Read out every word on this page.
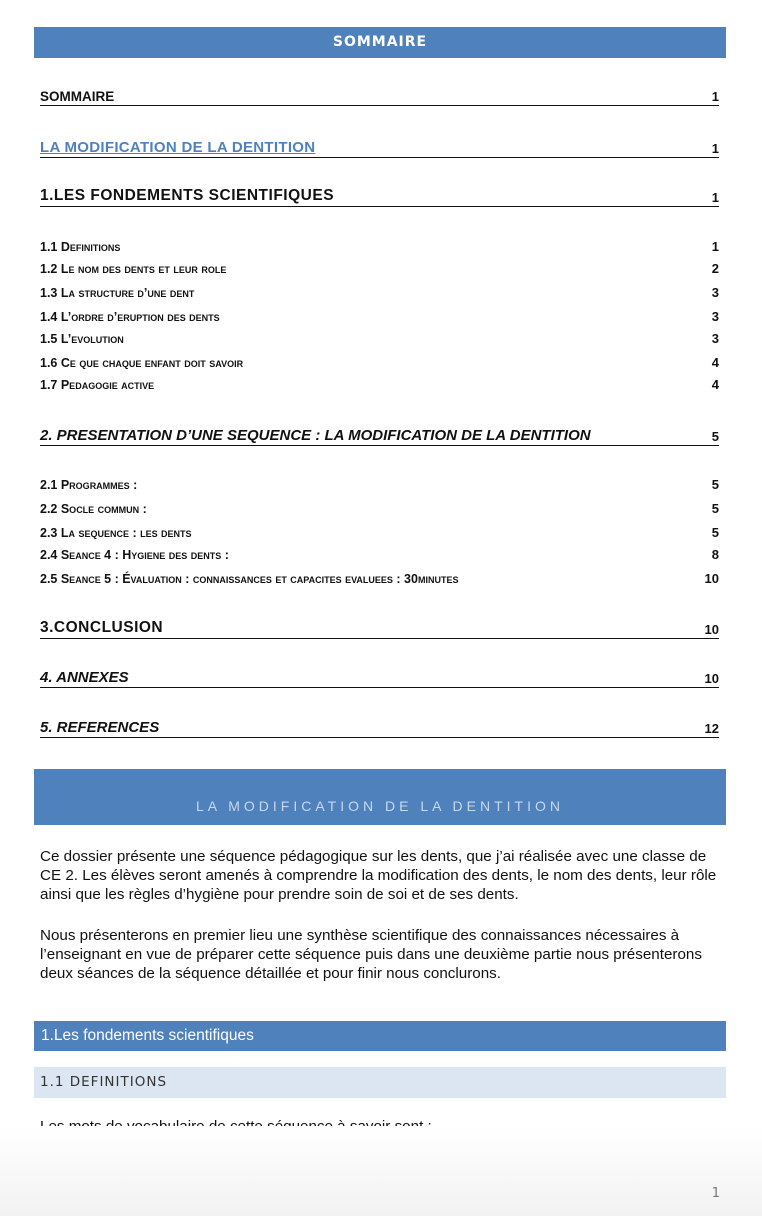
SOMMAIRE
SOMMAIRE	1
LA MODIFICATION DE LA DENTITION	1
1.LES FONDEMENTS SCIENTIFIQUES	1
1.1 Definitions	1
1.2 Le nom des dents et leur role	2
1.3 La structure d’une dent	3
1.4 L’ordre d’eruption des dents	3
1.5 L’evolution	3
1.6 Ce que chaque enfant doit savoir	4
1.7 Pedagogie active	4
2. PRESENTATION D’UNE SEQUENCE : LA MODIFICATION DE LA DENTITION	5
2.1 Programmes :	5
2.2 Socle commun :	5
2.3 La sequence : les dents	5
2.4 Seance 4 : Hygiene des dents :	8
2.5 Seance 5 : Évaluation : connaissances et capacites evaluees : 30minutes	10
3.CONCLUSION	10
4. ANNEXES	10
5. REFERENCES	12
LA MODIFICATION DE LA DENTITION
Ce dossier présente une séquence pédagogique sur les dents, que j’ai réalisée avec une classe de CE 2. Les élèves seront amenés à comprendre la modification des dents, le nom des dents, leur rôle ainsi que les règles d’hygiène pour prendre soin de soi et de ses dents.
Nous présenterons en premier lieu une synthèse scientifique des connaissances nécessaires à l’enseignant en vue de préparer cette séquence puis dans une deuxième partie nous présenterons deux séances de la séquence détaillée et pour finir nous conclurons.
1.Les fondements scientifiques
1.1 DEFINITIONS
1
